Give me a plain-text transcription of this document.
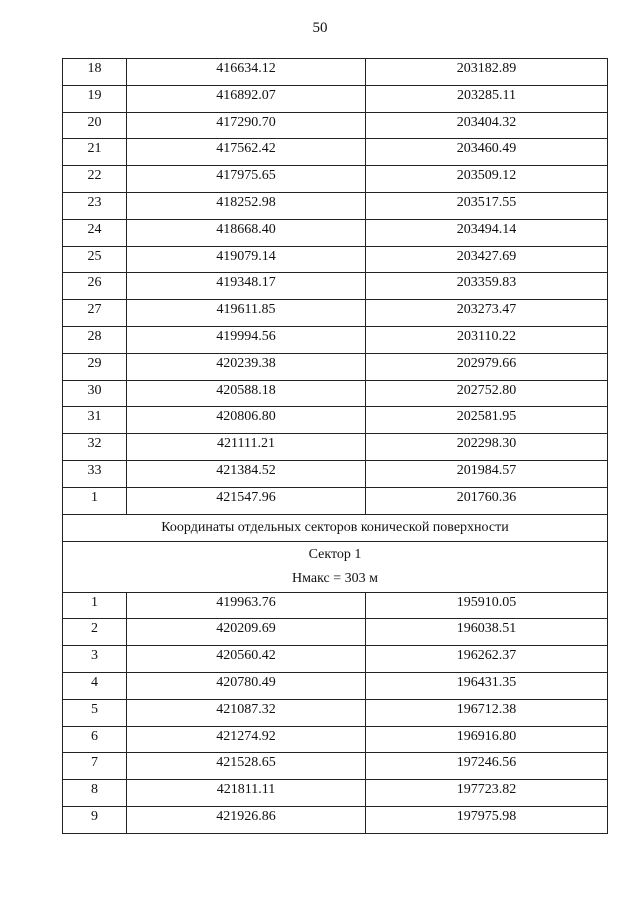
50
18	416634.12	203182.89
19	416892.07	203285.11
20	417290.70	203404.32
21	417562.42	203460.49
22	417975.65	203509.12
23	418252.98	203517.55
24	418668.40	203494.14
25	419079.14	203427.69
26	419348.17	203359.83
27	419611.85	203273.47
28	419994.56	203110.22
29	420239.38	202979.66
30	420588.18	202752.80
31	420806.80	202581.95
32	421111.21	202298.30
33	421384.52	201984.57
1	421547.96	201760.36
Координаты отдельных секторов конической поверхности		

Сектор 1
Нмакс = 303 м		

1	419963.76	195910.05
2	420209.69	196038.51
3	420560.42	196262.37
4	420780.49	196431.35
5	421087.32	196712.38
6	421274.92	196916.80
7	421528.65	197246.56
8	421811.11	197723.82
9	421926.86	197975.98
